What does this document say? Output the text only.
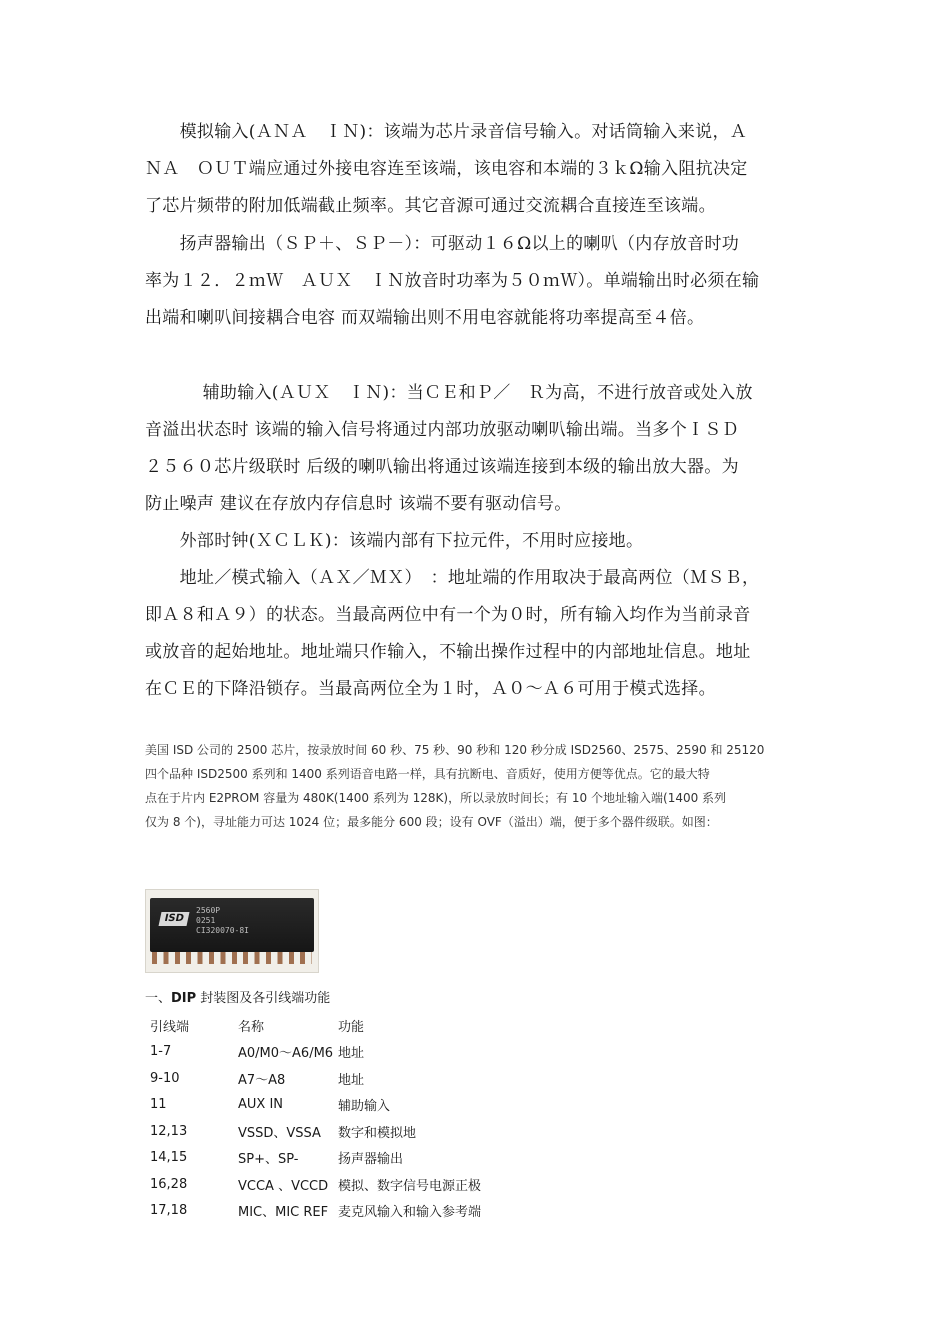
　　模拟输入(ＡＮＡ　ＩＮ)：该端为芯片录音信号输入。对话筒输入来说，Ａ
ＮＡ　ＯＵＴ端应通过外接电容连至该端，该电容和本端的３ｋΩ输入阻抗决定
了芯片频带的附加低端截止频率。其它音源可通过交流耦合直接连至该端。

　　扬声器输出（ＳＰ＋、ＳＰ－）：可驱动１６Ω以上的喇叭（内存放音时功
率为１２．２ｍＷ　ＡＵＸ　ＩＮ放音时功率为５０ｍＷ）。单端输出时必须在输
出端和喇叭间接耦合电容 而双端输出则不用电容就能将功率提高至４倍。

　　　 辅助输入(ＡＵＸ　ＩＮ)：当ＣＥ和Ｐ／　Ｒ为高，不进行放音或处入放
音溢出状态时 该端的输入信号将通过内部功放驱动喇叭输出端。当多个ＩＳＤ
２５６０芯片级联时 后级的喇叭输出将通过该端连接到本级的输出放大器。为
防止噪声 建议在存放内存信息时 该端不要有驱动信号。
　　外部时钟(ＸＣＬＫ)：该端内部有下拉元件，不用时应接地。
　　地址／模式输入（ＡＸ／ＭＸ）　：地址端的作用取决于最高两位（ＭＳＢ，
即Ａ８和Ａ９）的状态。当最高两位中有一个为０时，所有输入均作为当前录音
或放音的起始地址。地址端只作输入，不输出操作过程中的内部地址信息。地址
在ＣＥ的下降沿锁存。当最高两位全为１时，Ａ０～Ａ６可用于模式选择。

美国 ISD 公司的 2500 芯片，按录放时间 60 秒、75 秒、90 秒和 120 秒分成 ISD2560、2575、2590 和 25120
四个品种 ISD2500 系列和 1400 系列语音电路一样，具有抗断电、音质好，使用方便等优点。它的最大特
点在于片内 E2PROM 容量为 480K(1400 系列为 128K)，所以录放时间长；有 10 个地址输入端(1400 系列
仅为 8 个)，寻址能力可达 1024 位；最多能分 600 段；设有 OVF（溢出）端，便于多个器件级联。如图：

ISD
2560P
0251
CI320070-8I

一、DIP 封装图及各引线端功能

引线端	名称	功能
1-7	A0/M0～A6/M6	地址
9-10	A7～A8	地址
11	AUX IN	辅助输入
12,13	VSSD、VSSA	数字和模拟地
14,15	SP+、SP-	扬声器输出
16,28	VCCA 、VCCD	模拟、数字信号电源正极
17,18	MIC、MIC REF	麦克风输入和输入参考端
